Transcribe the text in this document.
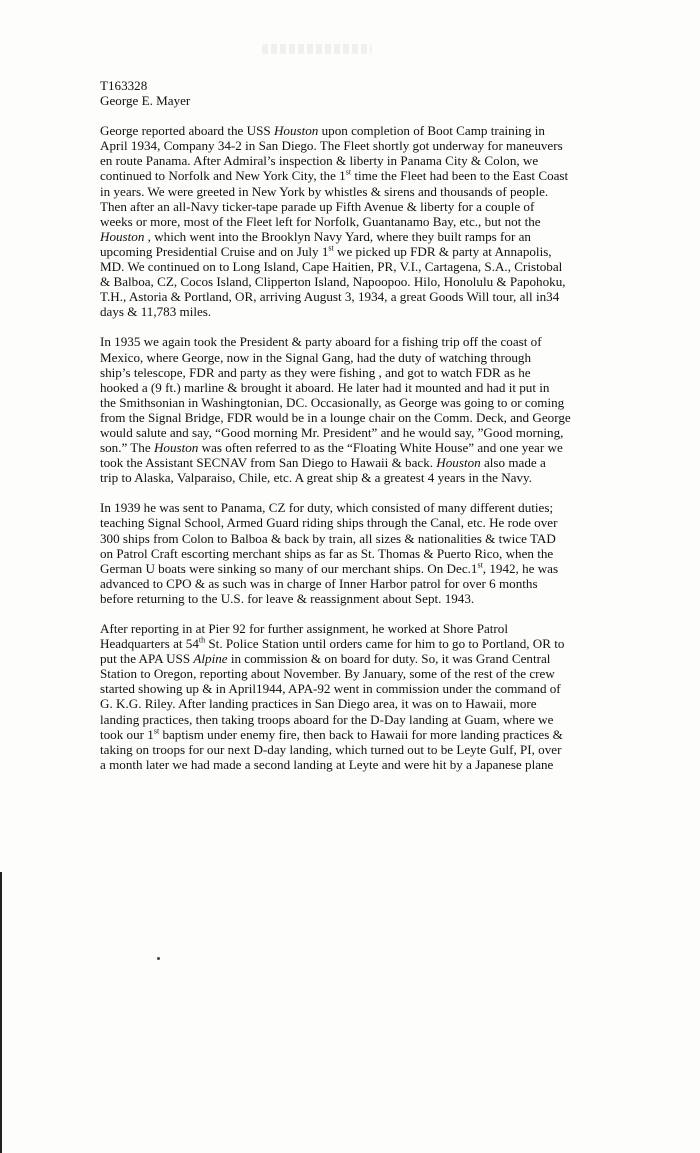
T163328

George E. Mayer

George reported aboard the USS Houston upon completion of Boot Camp training in
April 1934, Company 34-2 in San Diego. The Fleet shortly got underway for maneuvers
en route Panama. After Admiral’s inspection & liberty in Panama City & Colon, we
continued to Norfolk and New York City, the 1st time the Fleet had been to the East Coast
in years. We were greeted in New York by whistles & sirens and thousands of people.
Then after an all-Navy ticker-tape parade up Fifth Avenue & liberty for a couple of
weeks or more, most of the Fleet left for Norfolk, Guantanamo Bay, etc., but not the
Houston , which went into the Brooklyn Navy Yard, where they built ramps for an
upcoming Presidential Cruise and on July 1st we picked up FDR & party at Annapolis,
MD. We continued on to Long Island, Cape Haitien, PR, V.I., Cartagena, S.A., Cristobal
& Balboa, CZ, Cocos Island, Clipperton Island, Napoopoo. Hilo, Honolulu & Papohoku,
T.H., Astoria & Portland, OR, arriving August 3, 1934, a great Goods Will tour, all in34
days & 11,783 miles.
In 1935 we again took the President & party aboard for a fishing trip off the coast of
Mexico, where George, now in the Signal Gang, had the duty of watching through
ship’s telescope, FDR and party as they were fishing , and got to watch FDR as he
hooked a (9 ft.) marline & brought it aboard. He later had it mounted and had it put in
the Smithsonian in Washingtonian, DC. Occasionally, as George was going to or coming
from the Signal Bridge, FDR would be in a lounge chair on the Comm. Deck, and George
would salute and say, “Good morning Mr. President” and he would say, ”Good morning,
son.” The Houston was often referred to as the “Floating White House” and one year we
took the Assistant SECNAV from San Diego to Hawaii & back. Houston also made a
trip to Alaska, Valparaiso, Chile, etc. A great ship & a greatest 4 years in the Navy.
In 1939 he was sent to Panama, CZ for duty, which consisted of many different duties;
teaching Signal School, Armed Guard riding ships through the Canal, etc. He rode over
300 ships from Colon to Balboa & back by train, all sizes & nationalities & twice TAD
on Patrol Craft escorting merchant ships as far as St. Thomas & Puerto Rico, when the
German U boats were sinking so many of our merchant ships. On Dec.1st, 1942, he was
advanced to CPO & as such was in charge of Inner Harbor patrol for over 6 months
before returning to the U.S. for leave & reassignment about Sept. 1943.
After reporting in at Pier 92 for further assignment, he worked at Shore Patrol
Headquarters at 54th St. Police Station until orders came for him to go to Portland, OR to
put the APA USS Alpine in commission & on board for duty. So, it was Grand Central
Station to Oregon, reporting about November. By January, some of the rest of the crew
started showing up & in April1944, APA-92 went in commission under the command of
G. K.G. Riley. After landing practices in San Diego area, it was on to Hawaii, more
landing practices, then taking troops aboard for the D-Day landing at Guam, where we
took our 1st baptism under enemy fire, then back to Hawaii for more landing practices &
taking on troops for our next D-day landing, which turned out to be Leyte Gulf, PI, over
a month later we had made a second landing at Leyte and were hit by a Japanese plane
